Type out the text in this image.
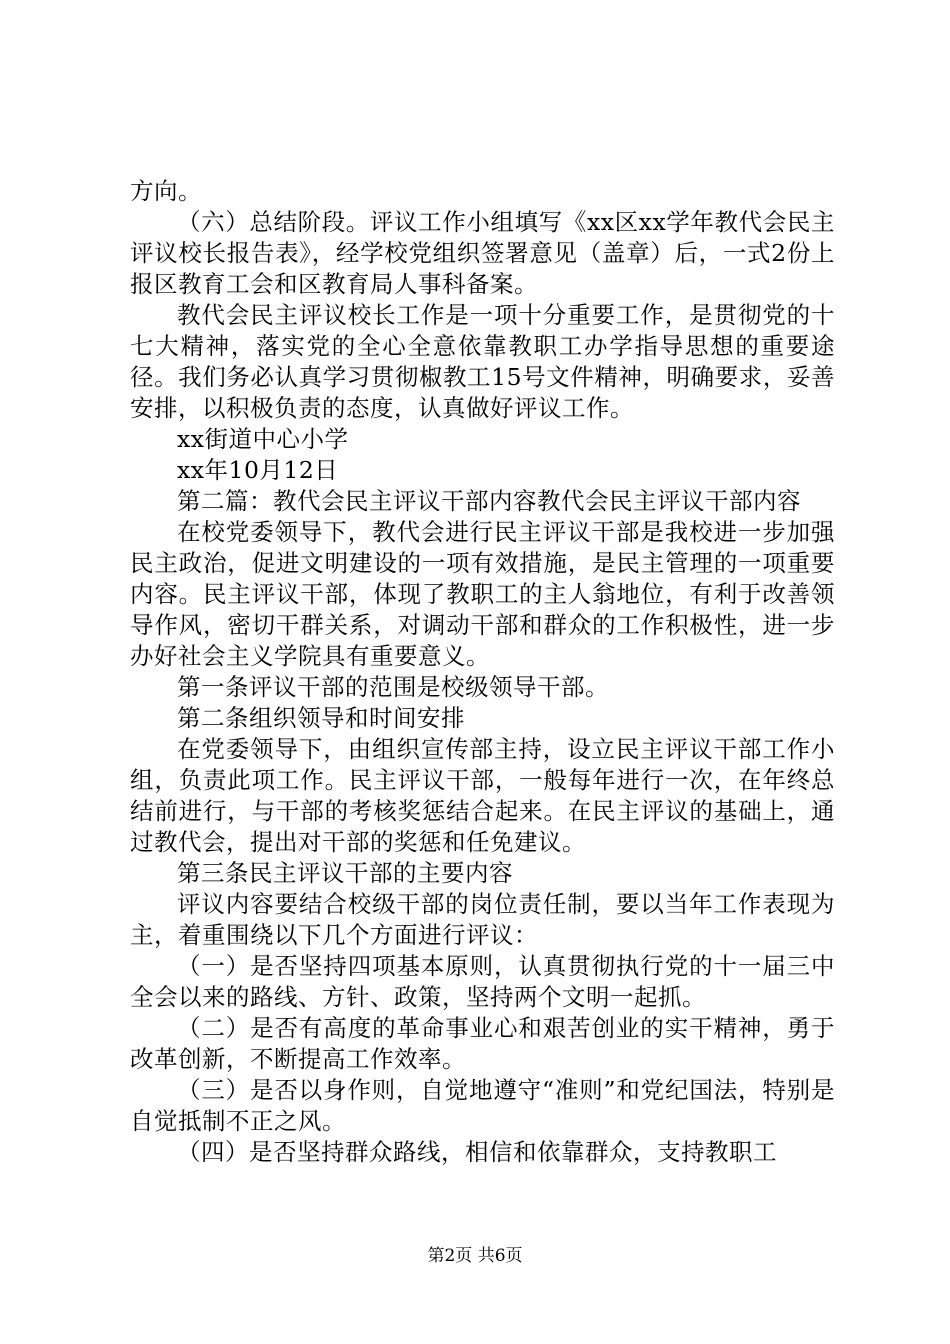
方向。

（六）总结阶段。评议工作小组填写《xx区xx学年教代会民主评议校长报告表》，经学校党组织签署意见（盖章）后，一式2份上报区教育工会和区教育局人事科备案。

教代会民主评议校长工作是一项十分重要工作，是贯彻党的十七大精神，落实党的全心全意依靠教职工办学指导思想的重要途径。我们务必认真学习贯彻椒教工15号文件精神，明确要求，妥善安排，以积极负责的态度，认真做好评议工作。

xx街道中心小学

xx年10月12日

第二篇：教代会民主评议干部内容教代会民主评议干部内容

在校党委领导下，教代会进行民主评议干部是我校进一步加强民主政治，促进文明建设的一项有效措施，是民主管理的一项重要内容。民主评议干部，体现了教职工的主人翁地位，有利于改善领导作风，密切干群关系，对调动干部和群众的工作积极性，进一步办好社会主义学院具有重要意义。

第一条评议干部的范围是校级领导干部。

第二条组织领导和时间安排

在党委领导下，由组织宣传部主持，设立民主评议干部工作小组，负责此项工作。民主评议干部，一般每年进行一次，在年终总结前进行，与干部的考核奖惩结合起来。在民主评议的基础上，通过教代会，提出对干部的奖惩和任免建议。

第三条民主评议干部的主要内容

评议内容要结合校级干部的岗位责任制，要以当年工作表现为主，着重围绕以下几个方面进行评议：

（一）是否坚持四项基本原则，认真贯彻执行党的十一届三中全会以来的路线、方针、政策，坚持两个文明一起抓。

（二）是否有高度的革命事业心和艰苦创业的实干精神，勇于改革创新，不断提高工作效率。

（三）是否以身作则，自觉地遵守“准则”和党纪国法，特别是自觉抵制不正之风。

（四）是否坚持群众路线，相信和依靠群众，支持教职工

第2页 共6页
